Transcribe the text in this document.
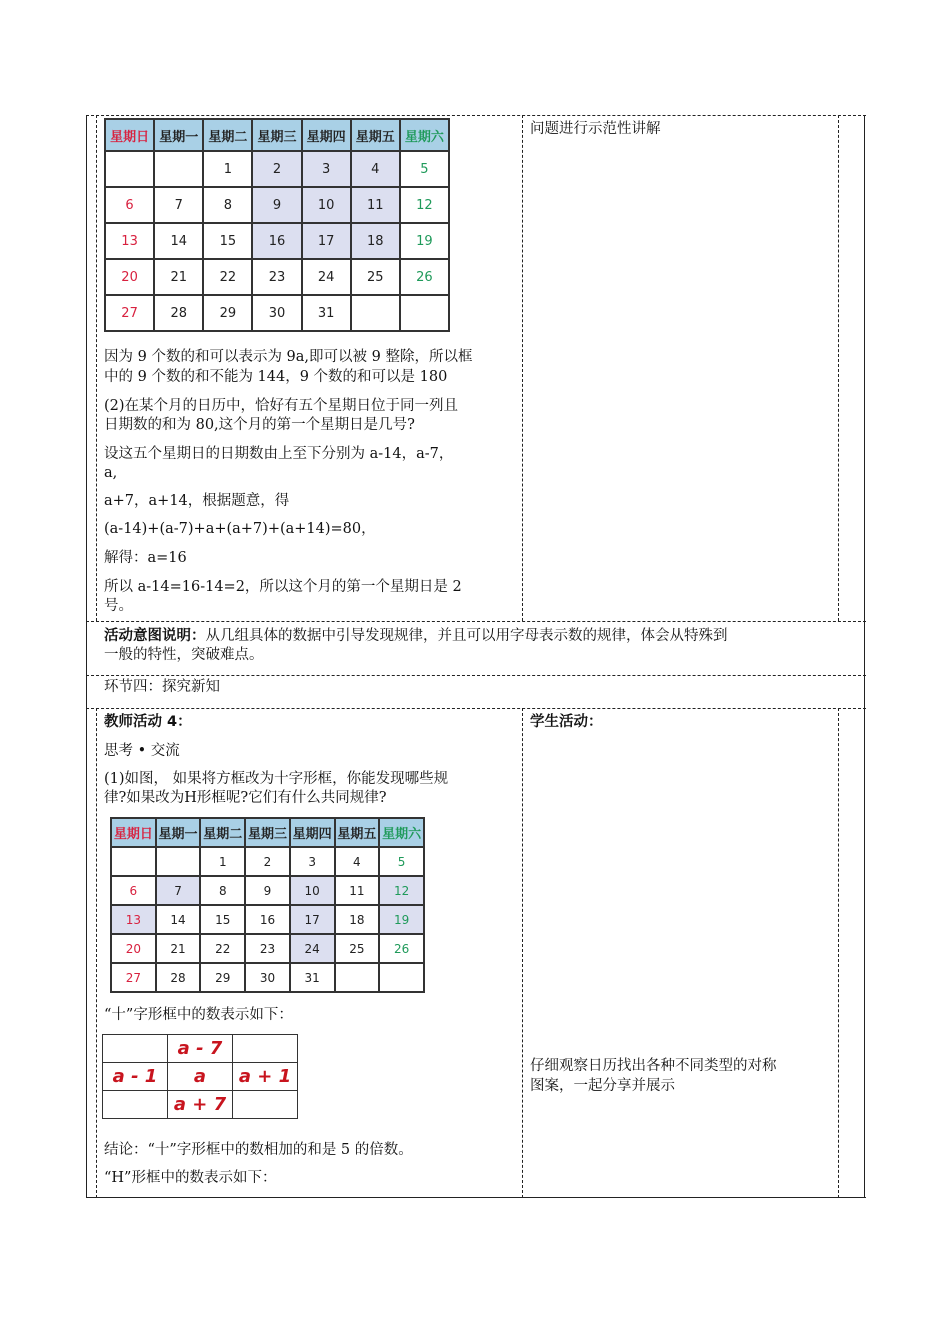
星期日	星期一	星期二	星期三	星期四	星期五	星期六
		1	2	3	4	5
6	7	8	9	10	11	12
13	14	15	16	17	18	19
20	21	22	23	24	25	26
27	28	29	30	31		
因为 9 个数的和可以表示为 9a,即可以被 9 整除，所以框
中的 9 个数的和不能为 144，9 个数的和可以是 180
(2)在某个月的日历中，恰好有五个星期日位于同一列且
日期数的和为 80,这个月的第一个星期日是几号?
设这五个星期日的日期数由上至下分别为 a-14，a-7，
a,
a+7，a+14，根据题意，得
(a-14)+(a-7)+a+(a+7)+(a+14)=80，
解得：a=16
所以 a-14=16-14=2，所以这个月的第一个星期日是 2
号。
问题进行示范性讲解
活动意图说明：从几组具体的数据中引导发现规律，并且可以用字母表示数的规律，体会从特殊到
一般的特性，突破难点。
环节四：探究新知
教师活动 4：
思考 • 交流
(1)如图， 如果将方框改为十字形框，你能发现哪些规
律?如果改为H形框呢?它们有什么共同规律?
学生活动：
仔细观察日历找出各种不同类型的对称
图案，一起分享并展示
星期日	星期一	星期二	星期三	星期四	星期五	星期六
		1	2	3	4	5
6	7	8	9	10	11	12
13	14	15	16	17	18	19
20	21	22	23	24	25	26
27	28	29	30	31		
“十”字形框中的数表示如下：
	a - 7	
a - 1	a	a + 1
	a + 7	
结论：“十”字形框中的数相加的和是 5 的倍数。
“H”形框中的数表示如下：
